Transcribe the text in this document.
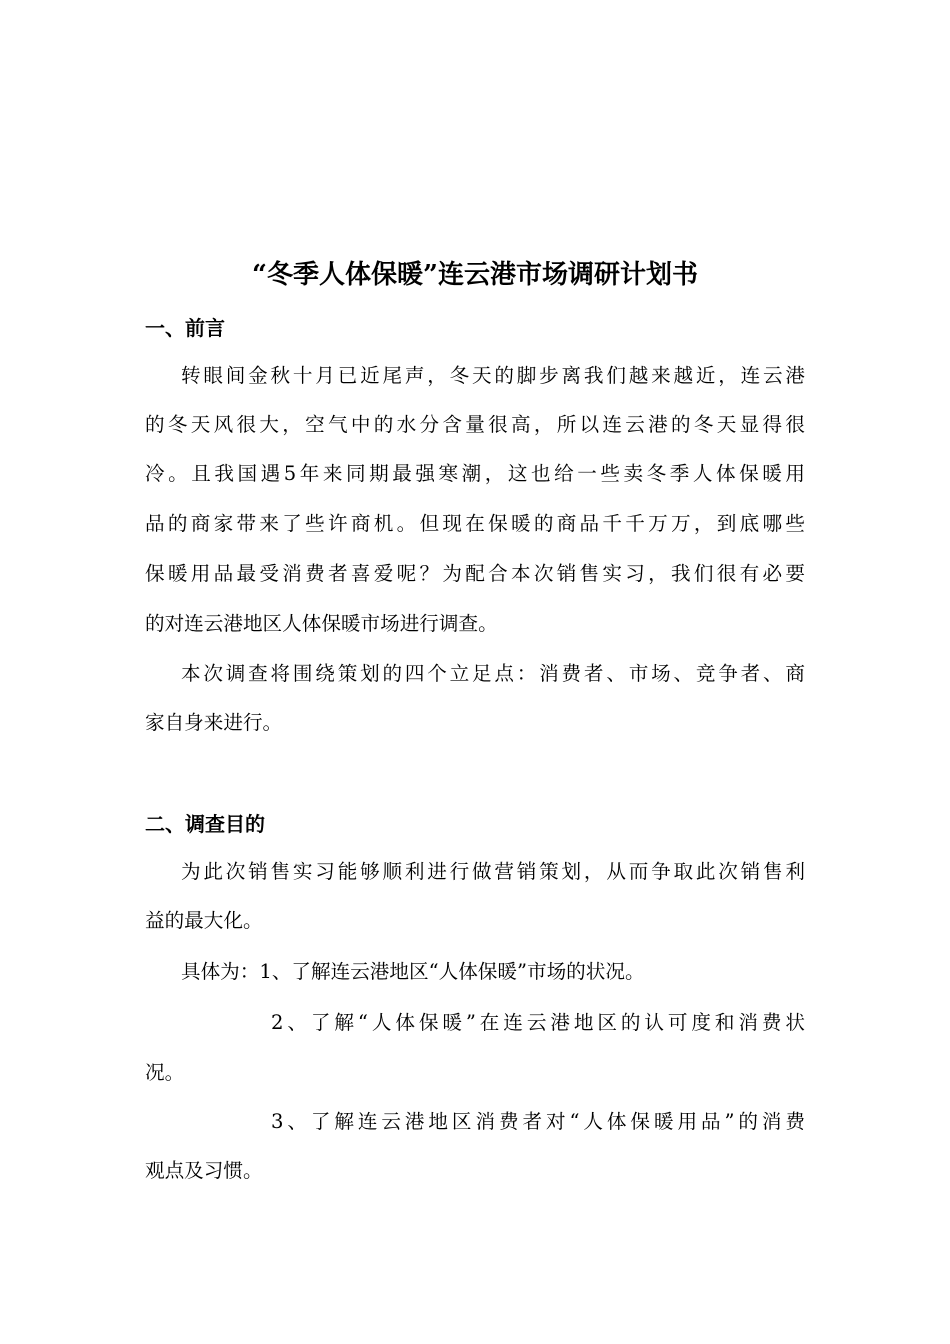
“冬季人体保暖”连云港市场调研计划书
一、前言

转眼间金秋十月已近尾声，冬天的脚步离我们越来越近，连云港

的冬天风很大，空气中的水分含量很高，所以连云港的冬天显得很

冷。且我国遇5年来同期最强寒潮，这也给一些卖冬季人体保暖用

品的商家带来了些许商机。但现在保暖的商品千千万万，到底哪些

保暖用品最受消费者喜爱呢？为配合本次销售实习，我们很有必要

的对连云港地区人体保暖市场进行调查。

本次调查将围绕策划的四个立足点：消费者、市场、竞争者、商

家自身来进行。

二、调查目的

为此次销售实习能够顺利进行做营销策划，从而争取此次销售利

益的最大化。

具体为：1、了解连云港地区“人体保暖”市场的状况。

2、了解“人体保暖”在连云港地区的认可度和消费状

况。

3、了解连云港地区消费者对“人体保暖用品”的消费

观点及习惯。
